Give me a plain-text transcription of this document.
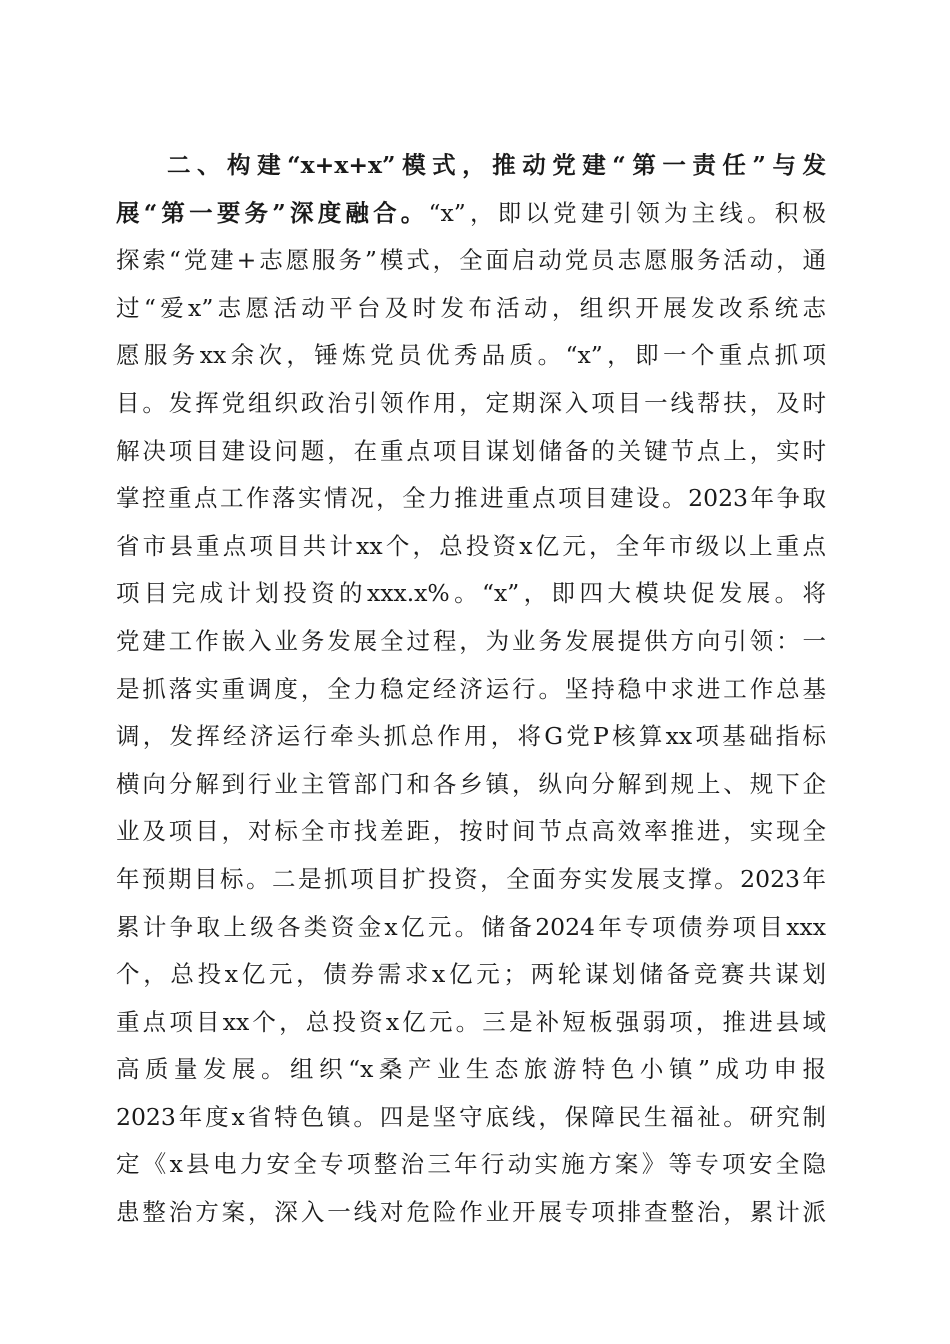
二、构建“x+x+x”模式，推动党建“第一责任”与发
展“第一要务”深度融合。“x”，即以党建引领为主线。积极
探索“党建+志愿服务”模式，全面启动党员志愿服务活动，通
过“爱x”志愿活动平台及时发布活动，组织开展发改系统志
愿服务xx余次，锤炼党员优秀品质。“x”，即一个重点抓项
目。发挥党组织政治引领作用，定期深入项目一线帮扶，及时
解决项目建设问题，在重点项目谋划储备的关键节点上，实时
掌控重点工作落实情况，全力推进重点项目建设。2023年争取
省市县重点项目共计xx个，总投资x亿元，全年市级以上重点
项目完成计划投资的xxx.x%。“x”，即四大模块促发展。将
党建工作嵌入业务发展全过程，为业务发展提供方向引领：一
是抓落实重调度，全力稳定经济运行。坚持稳中求进工作总基
调，发挥经济运行牵头抓总作用，将G党P核算xx项基础指标
横向分解到行业主管部门和各乡镇，纵向分解到规上、规下企
业及项目，对标全市找差距，按时间节点高效率推进，实现全
年预期目标。二是抓项目扩投资，全面夯实发展支撑。2023年
累计争取上级各类资金x亿元。储备2024年专项债券项目xxx
个，总投x亿元，债券需求x亿元；两轮谋划储备竞赛共谋划
重点项目xx个，总投资x亿元。三是补短板强弱项，推进县域
高质量发展。组织“x桑产业生态旅游特色小镇”成功申报
2023年度x省特色镇。四是坚守底线，保障民生福祉。研究制
定《x县电力安全专项整治三年行动实施方案》等专项安全隐
患整治方案，深入一线对危险作业开展专项排查整治，累计派
